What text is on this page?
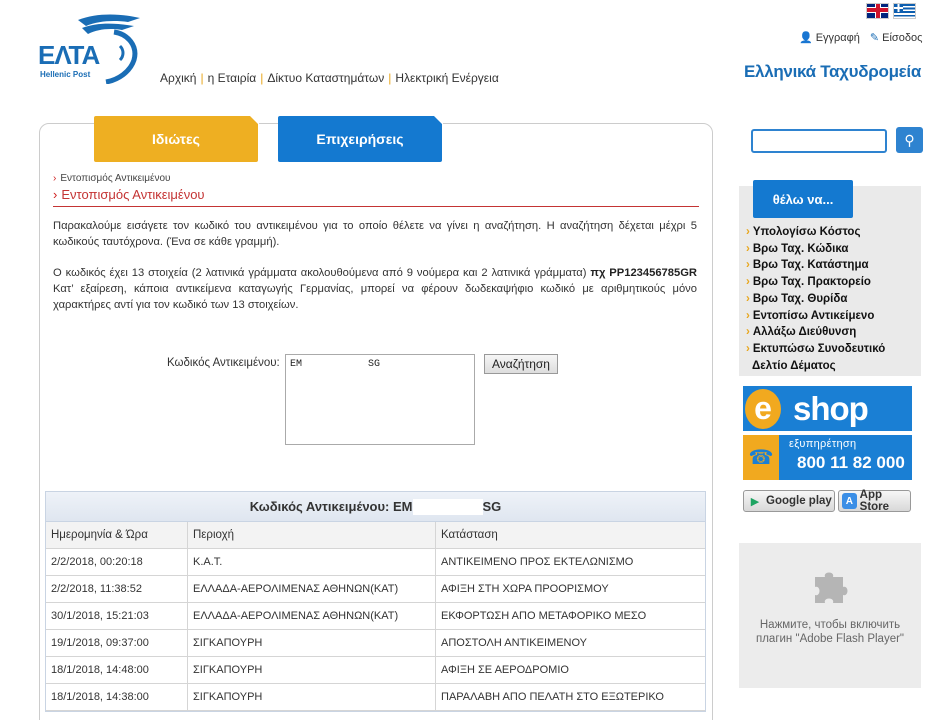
ΕΛΤΑ
Hellenic Post	Αρχική | η Εταιρία | Δίκτυο Καταστημάτων | Ηλεκτρική Ενέργεια
👤 Εγγραφή ✎ Είσοδος
Ελληνικά Ταχυδρομεία
Ιδιώτες	Επιχειρήσεις
› Εντοπισμός Αντικειμένου
› Εντοπισμός Αντικειμένου

Παρακαλούμε εισάγετε τον κωδικό του αντικειμένου για το οποίο θέλετε να γίνει η αναζήτηση. Η αναζήτηση δέχεται μέχρι 5 κωδικούς ταυτόχρονα. (Ένα σε κάθε γραμμή).

Ο κωδικός έχει 13 στοιχεία (2 λατινικά γράμματα ακολουθούμενα από 9 νούμερα και 2 λατινικά γράμματα) πχ PP123456785GR Κατ’ εξαίρεση, κάποια αντικείμενα καταγωγής Γερμανίας, μπορεί να φέρουν δωδεκαψήφιο κωδικό με αριθμητικούς μόνο χαρακτήρες αντί για τον κωδικό των 13 στοιχείων.

Κωδικός Αντικειμένου:
EM SG	Αναζήτηση
Κωδικός Αντικειμένου: EM	SG
Ημερομηνία & Ώρα	Περιοχή	Κατάσταση
2/2/2018, 00:20:18	Κ.Α.Τ.	ΑΝΤΙΚΕΙΜΕΝΟ ΠΡΟΣ ΕΚΤΕΛΩΝΙΣΜΟ
2/2/2018, 11:38:52	ΕΛΛΑΔΑ-ΑΕΡΟΛΙΜΕΝΑΣ ΑΘΗΝΩΝ(ΚΑΤ)	ΑΦΙΞΗ ΣΤΗ ΧΩΡΑ ΠΡΟΟΡΙΣΜΟΥ
30/1/2018, 15:21:03	ΕΛΛΑΔΑ-ΑΕΡΟΛΙΜΕΝΑΣ ΑΘΗΝΩΝ(ΚΑΤ)	ΕΚΦΟΡΤΩΣΗ ΑΠΟ ΜΕΤΑΦΟΡΙΚΟ ΜΕΣΟ
19/1/2018, 09:37:00	ΣΙΓΚΑΠΟΥΡΗ	ΑΠΟΣΤΟΛΗ ΑΝΤΙΚΕΙΜΕΝΟΥ
18/1/2018, 14:48:00	ΣΙΓΚΑΠΟΥΡΗ	ΑΦΙΞΗ ΣΕ ΑΕΡΟΔΡΟΜΙΟ
18/1/2018, 14:38:00	ΣΙΓΚΑΠΟΥΡΗ	ΠΑΡΑΛΑΒΗ ΑΠΟ ΠΕΛΑΤΗ ΣΤΟ ΕΞΩΤΕΡΙΚΟ
⚲
θέλω να...
› Υπολογίσω Κόστος
› Βρω Ταχ. Κώδικα
› Βρω Ταχ. Κατάστημα
› Βρω Ταχ. Πρακτορείο
› Βρω Ταχ. Θυρίδα
› Εντοπίσω Αντικείμενο
› Αλλάξω Διεύθυνση
› Εκτυπώσω Συνοδευτικό
Δελτίο Δέματος
e shop
☎
εξυπηρέτηση
800 11 82 000
▶ Google play	A App Store
Нажмите, чтобы включить плагин "Adobe Flash Player"
